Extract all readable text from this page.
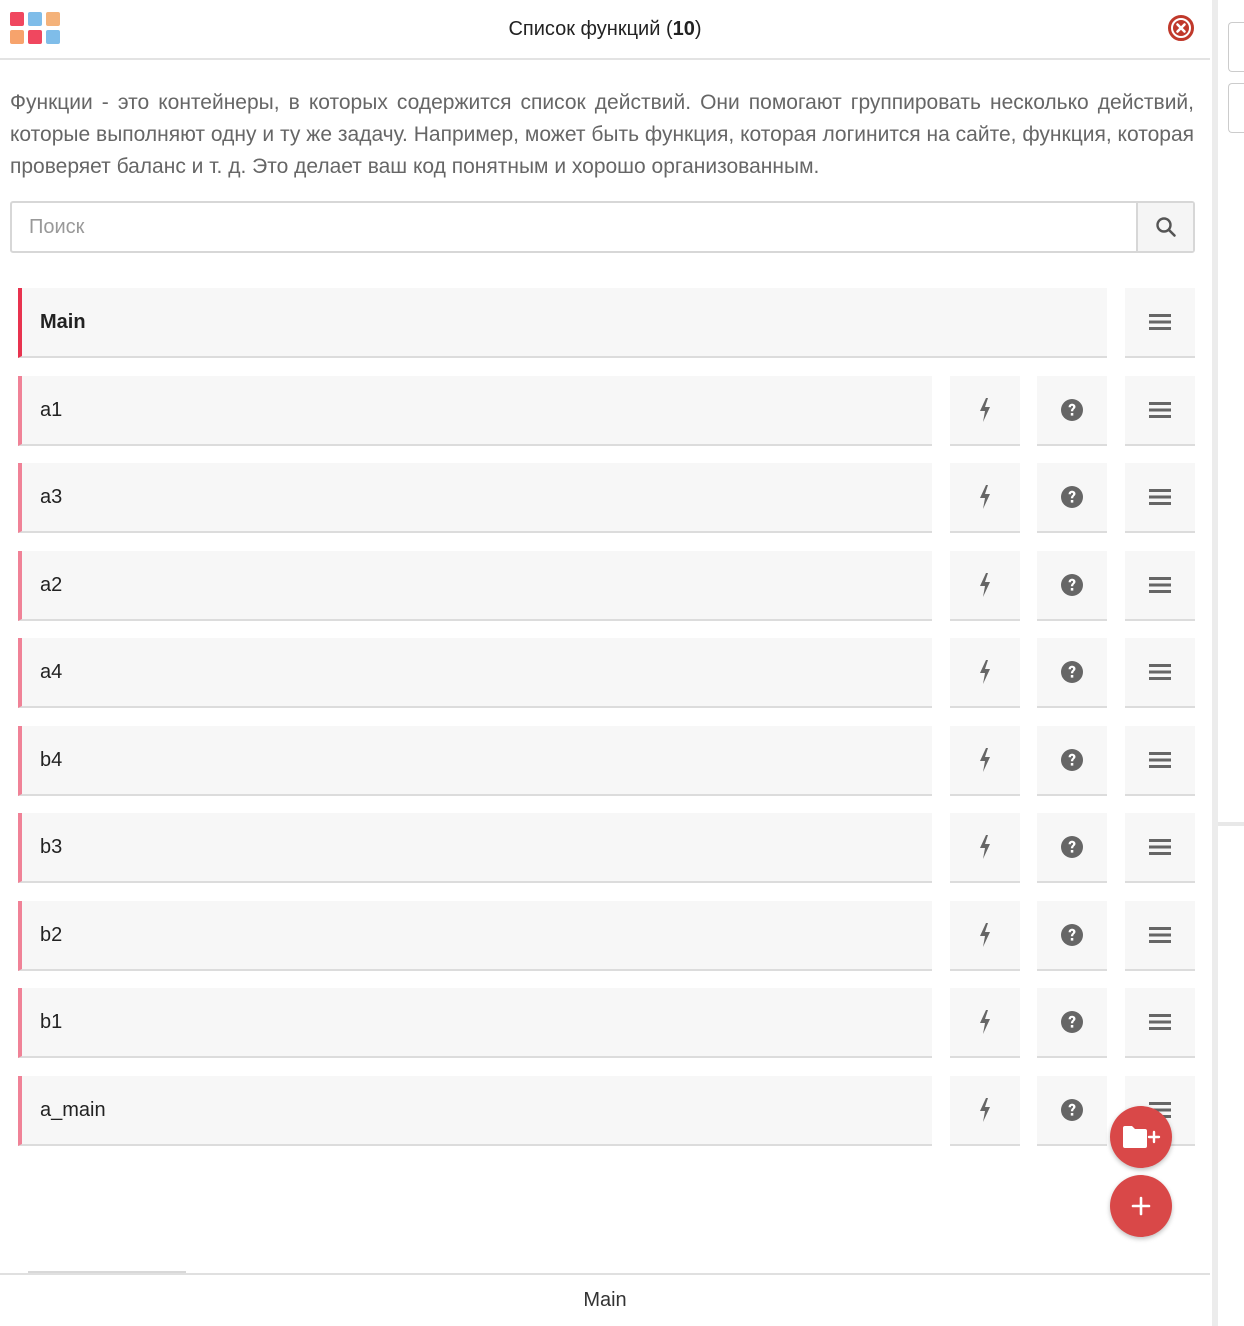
Список функций (10)

Функции - это контейнеры, в которых содержится список действий. Они помогают группировать несколько действий, которые выполняют одну и ту же задачу. Например, может быть функция, которая логинится на сайте, функция, которая проверяет баланс и т. д. Это делает ваш код понятным и хорошо организованным.

Поиск
Main
a1
a3
a2
a4
b4
b3
b2
b1
a_main
Main
